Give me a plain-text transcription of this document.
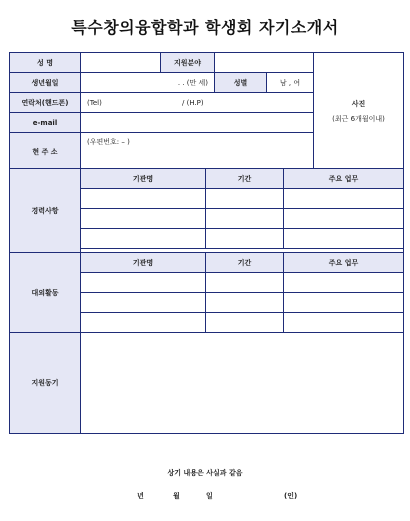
특수창의융합학과 학생회 자기소개서
성 명		지원분야			사진
(최근 6개월이내)

생년월일	. . (만 세)		성별	남 , 여	
연락처(핸드폰)	(Tel) / (H.P)				
e-mail					
현 주 소	(우편번호: – )				

경력사항	기관명	기간	주요 업무

대외활동	기관명	기간	주요 업무

지원동기			
상기 내용은 사실과 같음
년	월	일	(인)
